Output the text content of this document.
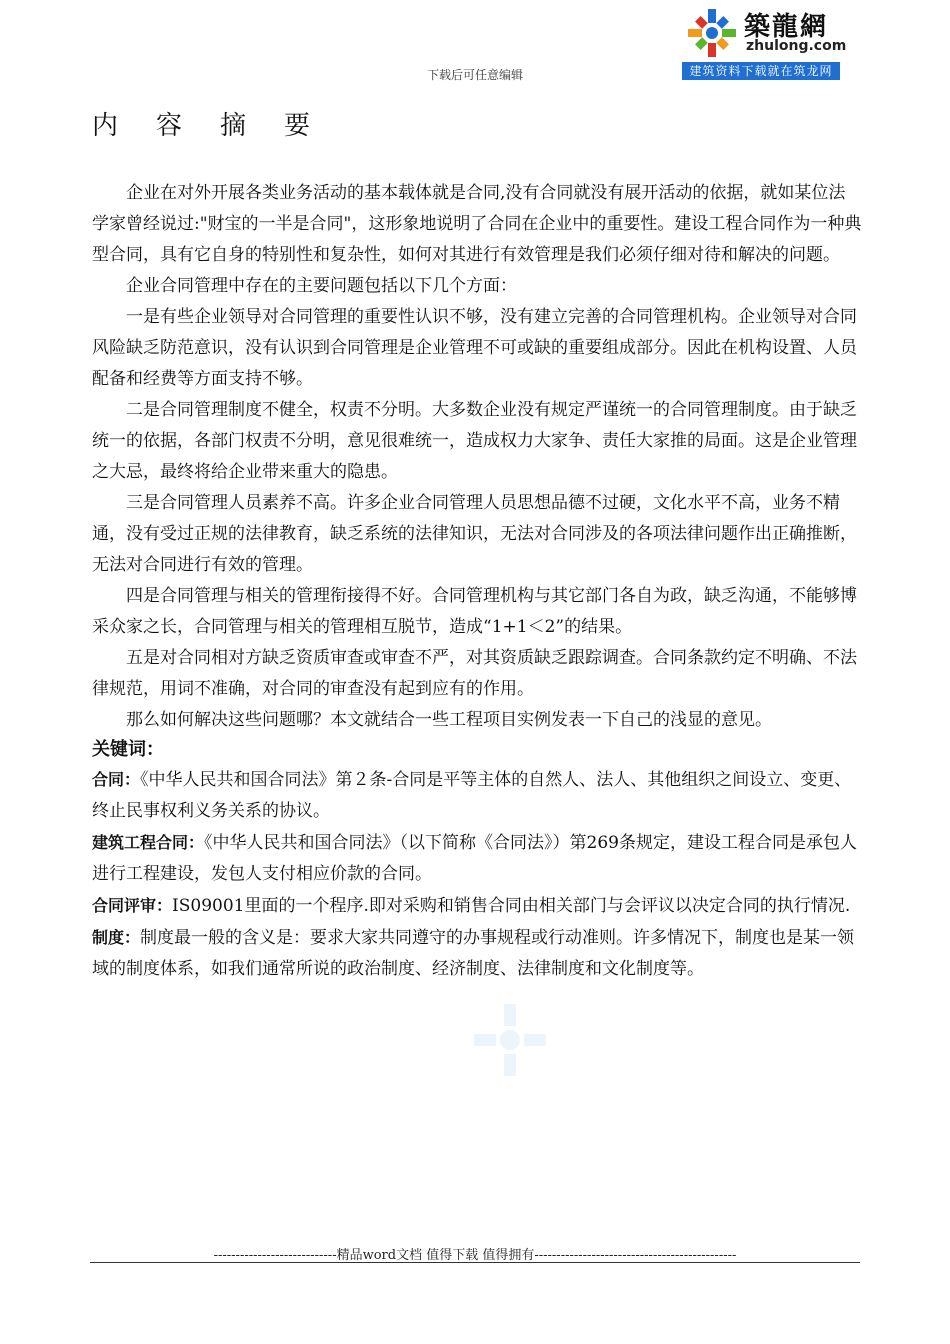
下载后可任意编辑
築龍網
zhulong.com
建筑资料下载就在筑龙网
内 容 摘 要

企业在对外开展各类业务活动的基本载体就是合同,没有合同就没有展开活动的依据，就如某位法学家曾经说过:"财宝的一半是合同"，这形象地说明了合同在企业中的重要性。建设工程合同作为一种典型合同，具有它自身的特别性和复杂性，如何对其进行有效管理是我们必须仔细对待和解决的问题。

企业合同管理中存在的主要问题包括以下几个方面：

一是有些企业领导对合同管理的重要性认识不够，没有建立完善的合同管理机构。企业领导对合同风险缺乏防范意识，没有认识到合同管理是企业管理不可或缺的重要组成部分。因此在机构设置、人员配备和经费等方面支持不够。

二是合同管理制度不健全，权责不分明。大多数企业没有规定严谨统一的合同管理制度。由于缺乏统一的依据，各部门权责不分明，意见很难统一，造成权力大家争、责任大家推的局面。这是企业管理之大忌，最终将给企业带来重大的隐患。

三是合同管理人员素养不高。许多企业合同管理人员思想品德不过硬，文化水平不高，业务不精通，没有受过正规的法律教育，缺乏系统的法律知识，无法对合同涉及的各项法律问题作出正确推断，无法对合同进行有效的管理。

四是合同管理与相关的管理衔接得不好。合同管理机构与其它部门各自为政，缺乏沟通，不能够博采众家之长，合同管理与相关的管理相互脱节，造成“1+1＜2”的结果。

五是对合同相对方缺乏资质审查或审查不严，对其资质缺乏跟踪调查。合同条款约定不明确、不法律规范，用词不准确，对合同的审查没有起到应有的作用。

那么如何解决这些问题哪？本文就结合一些工程项目实例发表一下自己的浅显的意见。

关键词：

合同：《中华人民共和国合同法》第２条-合同是平等主体的自然人、法人、其他组织之间设立、变更、终止民事权利义务关系的协议。

建筑工程合同：《中华人民共和国合同法》（以下简称《合同法》）第269条规定，建设工程合同是承包人进行工程建设，发包人支付相应价款的合同。

合同评审：IS09001里面的一个程序.即对采购和销售合同由相关部门与会评议以决定合同的执行情况.

制度：制度最一般的含义是：要求大家共同遵守的办事规程或行动准则。许多情况下，制度也是某一领域的制度体系，如我们通常所说的政治制度、经济制度、法律制度和文化制度等。

----------------------------精品word文档 值得下载 值得拥有----------------------------------------------
